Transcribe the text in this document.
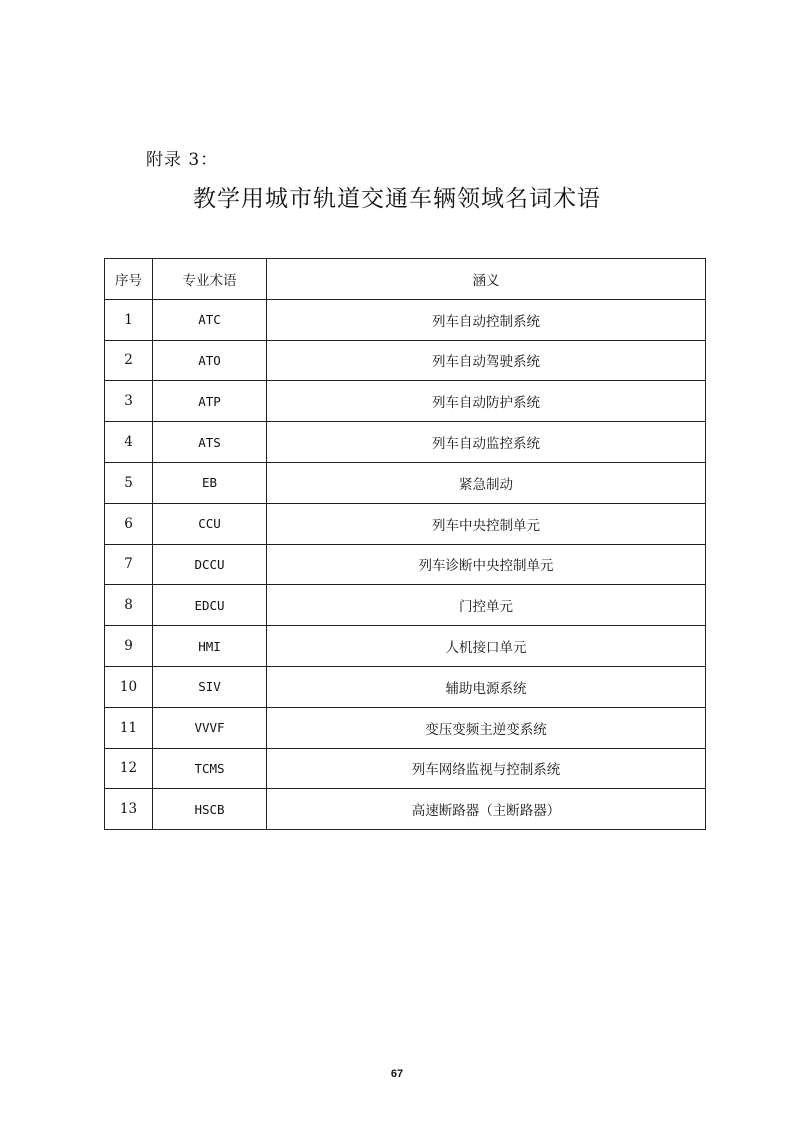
附录 3：
教学用城市轨道交通车辆领域名词术语
序号	专业术语	涵义
1	ATC	列车自动控制系统
2	ATO	列车自动驾驶系统
3	ATP	列车自动防护系统
4	ATS	列车自动监控系统
5	EB	紧急制动
6	CCU	列车中央控制单元
7	DCCU	列车诊断中央控制单元
8	EDCU	门控单元
9	HMI	人机接口单元
10	SIV	辅助电源系统
11	VVVF	变压变频主逆变系统
12	TCMS	列车网络监视与控制系统
13	HSCB	高速断路器（主断路器）
67
